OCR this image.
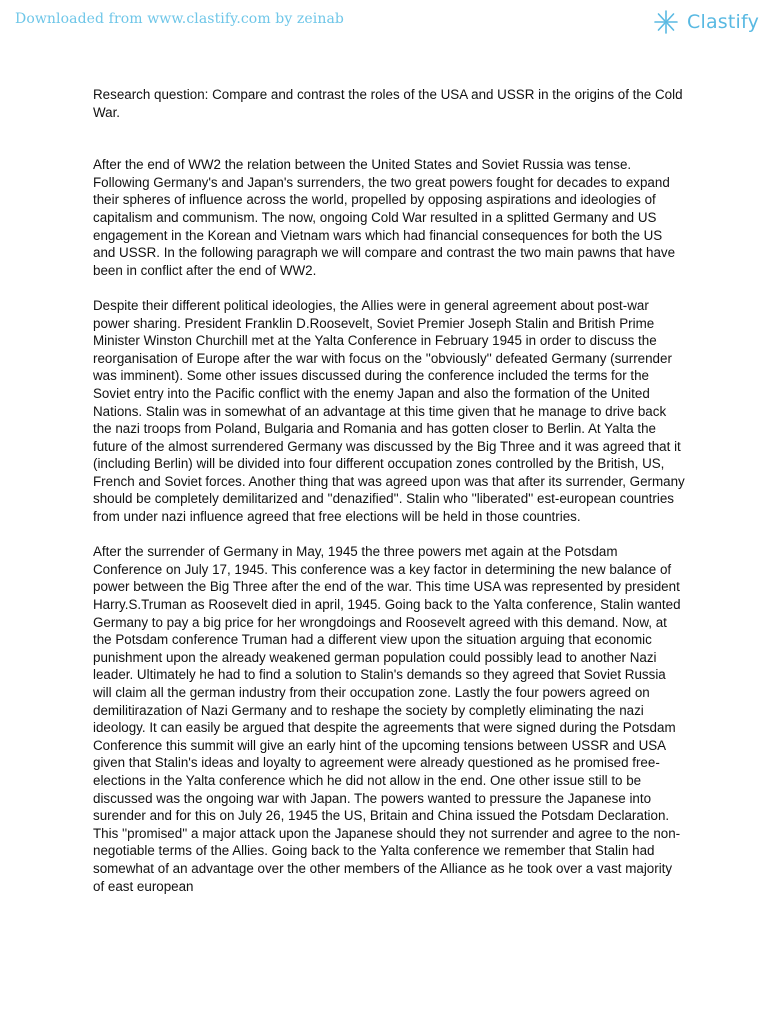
Downloaded from www.clastify.com by zeinab	Clastify

Research question: Compare and contrast the roles of the USA and USSR in the origins of the Cold War.

After the end of WW2 the relation between the United States and Soviet Russia was tense. Following Germany's and Japan's surrenders, the two great powers fought for decades to expand their spheres of influence across the world, propelled by opposing aspirations and ideologies of capitalism and communism. The now, ongoing Cold War resulted in a splitted Germany and US engagement in the Korean and Vietnam wars which had financial consequences for both the US and USSR. In the following paragraph we will compare and contrast the two main pawns that have been in conflict after the end of WW2.

Despite their different political ideologies, the Allies were in general agreement about post-war power sharing. President Franklin D.Roosevelt, Soviet Premier Joseph Stalin and British Prime Minister Winston Churchill met at the Yalta Conference in February 1945 in order to discuss the reorganisation of Europe after the war with focus on the ''obviously'' defeated Germany (surrender was imminent). Some other issues discussed during the conference included the terms for the Soviet entry into the Pacific conflict with the enemy Japan and also the formation of the United Nations. Stalin was in somewhat of an advantage at this time given that he manage to drive back the nazi troops from Poland, Bulgaria and Romania and has gotten closer to Berlin. At Yalta the future of the almost surrendered Germany was discussed by the Big Three and it was agreed that it (including Berlin) will be divided into four different occupation zones controlled by the British, US, French and Soviet forces. Another thing that was agreed upon was that after its surrender, Germany should be completely demilitarized and ''denazified''. Stalin who ''liberated'' est-european countries from under nazi influence agreed that free elections will be held in those countries.

After the surrender of Germany in May, 1945 the three powers met again at the Potsdam Conference on July 17, 1945. This conference was a key factor in determining the new balance of power between the Big Three after the end of the war. This time USA was represented by president Harry.S.Truman as Roosevelt died in april, 1945. Going back to the Yalta conference, Stalin wanted Germany to pay a big price for her wrongdoings and Roosevelt agreed with this demand. Now, at the Potsdam conference Truman had a different view upon the situation arguing that economic punishment upon the already weakened german population could possibly lead to another Nazi leader. Ultimately he had to find a solution to Stalin's demands so they agreed that Soviet Russia will claim all the german industry from their occupation zone. Lastly the four powers agreed on demilitirazation of Nazi Germany and to reshape the society by completly eliminating the nazi ideology. It can easily be argued that despite the agreements that were signed during the Potsdam Conference this summit will give an early hint of the upcoming tensions between USSR and USA given that Stalin's ideas and loyalty to agreement were already questioned as he promised free-elections in the Yalta conference which he did not allow in the end. One other issue still to be discussed was the ongoing war with Japan. The powers wanted to pressure the Japanese into surender and for this on July 26, 1945 the US, Britain and China issued the Potsdam Declaration. This ''promised'' a major attack upon the Japanese should they not surrender and agree to the non-negotiable terms of the Allies. Going back to the Yalta conference we remember that Stalin had somewhat of an advantage over the other members of the Alliance as he took over a vast majority of east european
